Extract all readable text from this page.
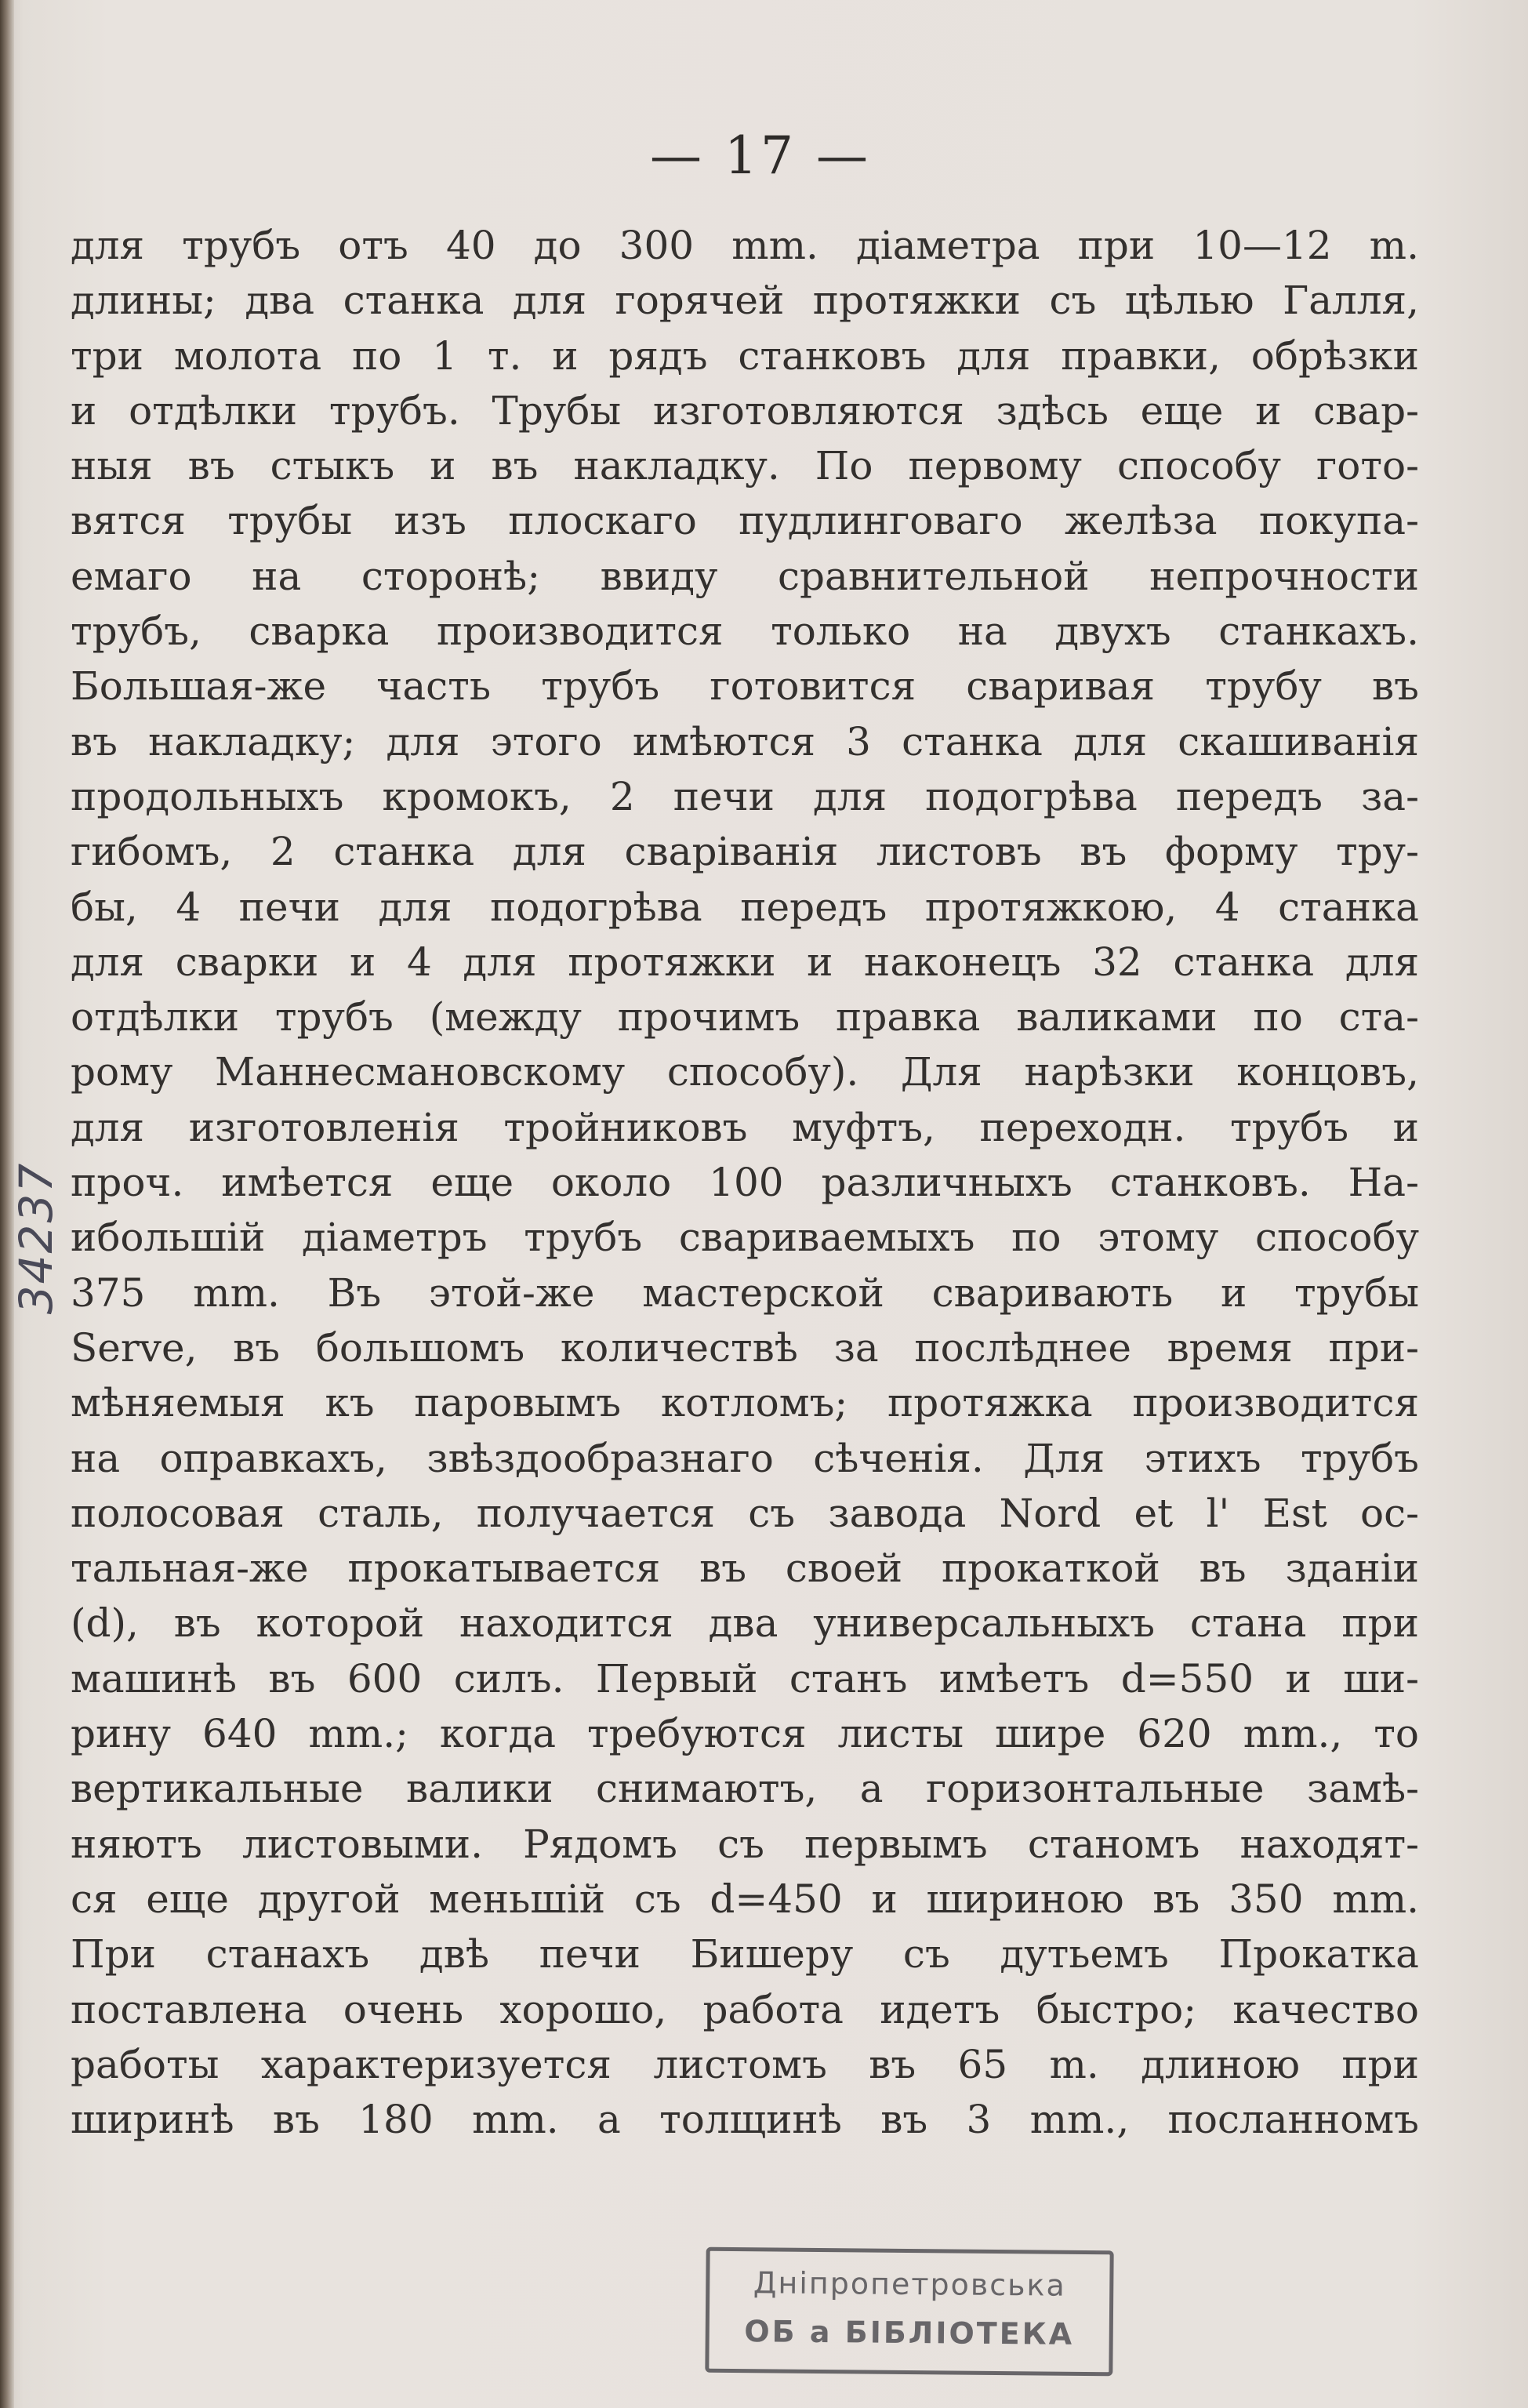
— 17 —
для трубъ отъ 40 до 300 mm. діаметра при 10—12 m.
длины; два станка для горячей протяжки съ цѣлью Галля,
три молота по 1 т. и рядъ станковъ для правки, обрѣзки
и отдѣлки трубъ. Трубы изготовляются здѣсь еще и свар-
ныя въ стыкъ и въ накладку. По первому способу гото-
вятся трубы изъ плоскаго пудлинговаго желѣза покупа-
емаго на сторонѣ; ввиду сравнительной непрочности
трубъ, сварка производится только на двухъ станкахъ.
Большая-же часть трубъ готовится сваривая трубу въ
въ накладку; для этого имѣются 3 станка для скашиванія
продольныхъ кромокъ, 2 печи для подогрѣва передъ за-
гибомъ, 2 станка для сваріванія листовъ въ форму тру-
бы, 4 печи для подогрѣва передъ протяжкою, 4 станка
для сварки и 4 для протяжки и наконецъ 32 станка для
отдѣлки трубъ (между прочимъ правка валиками по ста-
рому Маннесмановскому способу). Для нарѣзки концовъ,
для изготовленія тройниковъ муфтъ, переходн. трубъ и
проч. имѣется еще около 100 различныхъ станковъ. На-
ибольшій діаметръ трубъ свариваемыхъ по этому способу
375 mm. Въ этой-же мастерской сваривають и трубы
Serve, въ большомъ количествѣ за послѣднее время при-
мѣняемыя къ паровымъ котломъ; протяжка производится
на оправкахъ, звѣздообразнаго сѣченія. Для этихъ трубъ
полосовая сталь, получается съ завода Nord et l' Est ос-
тальная-же прокатывается въ своей прокаткой въ зданіи
(d), въ которой находится два универсальныхъ стана при
машинѣ въ 600 силъ. Первый станъ имѣетъ d=550 и ши-
рину 640 mm.; когда требуются листы шире 620 mm., то
вертикальные валики снимаютъ, а горизонтальные замѣ-
няютъ листовыми. Рядомъ съ первымъ станомъ находят-
ся еще другой меньшій съ d=450 и шириною въ 350 mm.
При станахъ двѣ печи Бишеру съ дутьемъ Прокатка
поставлена очень хорошо, работа идетъ быстро; качество
работы характеризуется листомъ въ 65 m. длиною при
ширинѣ въ 180 mm. а толщинѣ въ 3 mm., посланномъ
34237
Дніпропетровська
ОБ а БІБЛІОТЕКА
